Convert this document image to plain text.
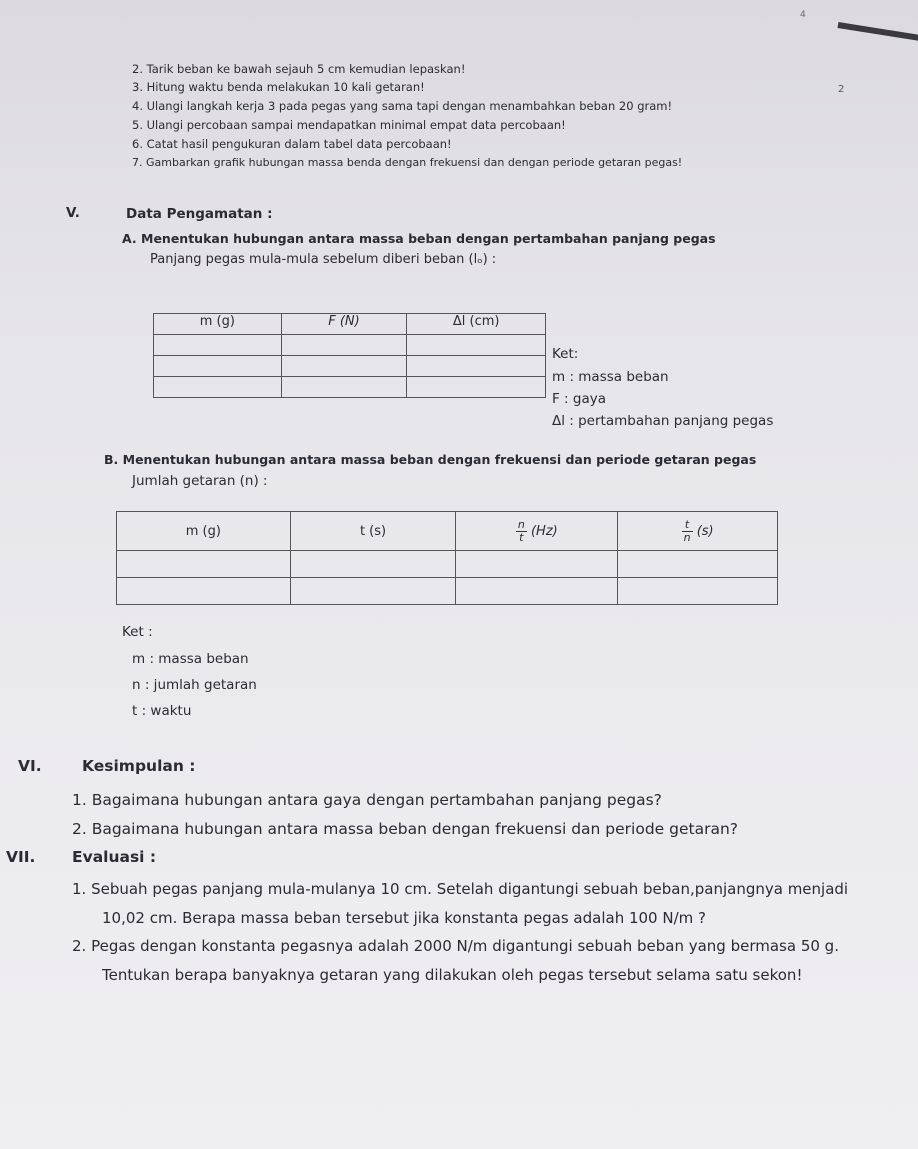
4
2
2. Tarik beban ke bawah sejauh 5 cm kemudian lepaskan!
3. Hitung waktu benda melakukan 10 kali getaran!
4. Ulangi langkah kerja 3 pada pegas yang sama tapi dengan menambahkan beban 20 gram!
5. Ulangi percobaan sampai mendapatkan minimal empat data percobaan!
6. Catat hasil pengukuran dalam tabel data percobaan!
7. Gambarkan grafik hubungan massa benda dengan frekuensi dan dengan periode getaran pegas!
V.	Data Pengamatan :
A. Menentukan hubungan antara massa beban dengan pertambahan panjang pegas
Panjang pegas mula-mula sebelum diberi beban (lₒ) :
m (g)	F (N)	Δl (cm)

Ket:
m : massa beban
F : gaya
Δl : pertambahan panjang pegas
B. Menentukan hubungan antara massa beban dengan frekuensi dan periode getaran pegas
Jumlah getaran (n) :
m (g)	t (s)	$\frac{n}{t} (Hz)$	$\frac{t}{n} (s)$

Ket :
m : massa beban
n : jumlah getaran
t : waktu
VI.	Kesimpulan :
1. Bagaimana hubungan antara gaya dengan pertambahan panjang pegas?
2. Bagaimana hubungan antara massa beban dengan frekuensi dan periode getaran?
VII. Evaluasi :
1. Sebuah pegas panjang mula-mulanya 10 cm. Setelah digantungi sebuah beban,panjangnya menjadi
10,02 cm. Berapa massa beban tersebut jika konstanta pegas adalah 100 N/m ?
2. Pegas dengan konstanta pegasnya adalah 2000 N/m digantungi sebuah beban yang bermasa 50 g.
Tentukan berapa banyaknya getaran yang dilakukan oleh pegas tersebut selama satu sekon!
